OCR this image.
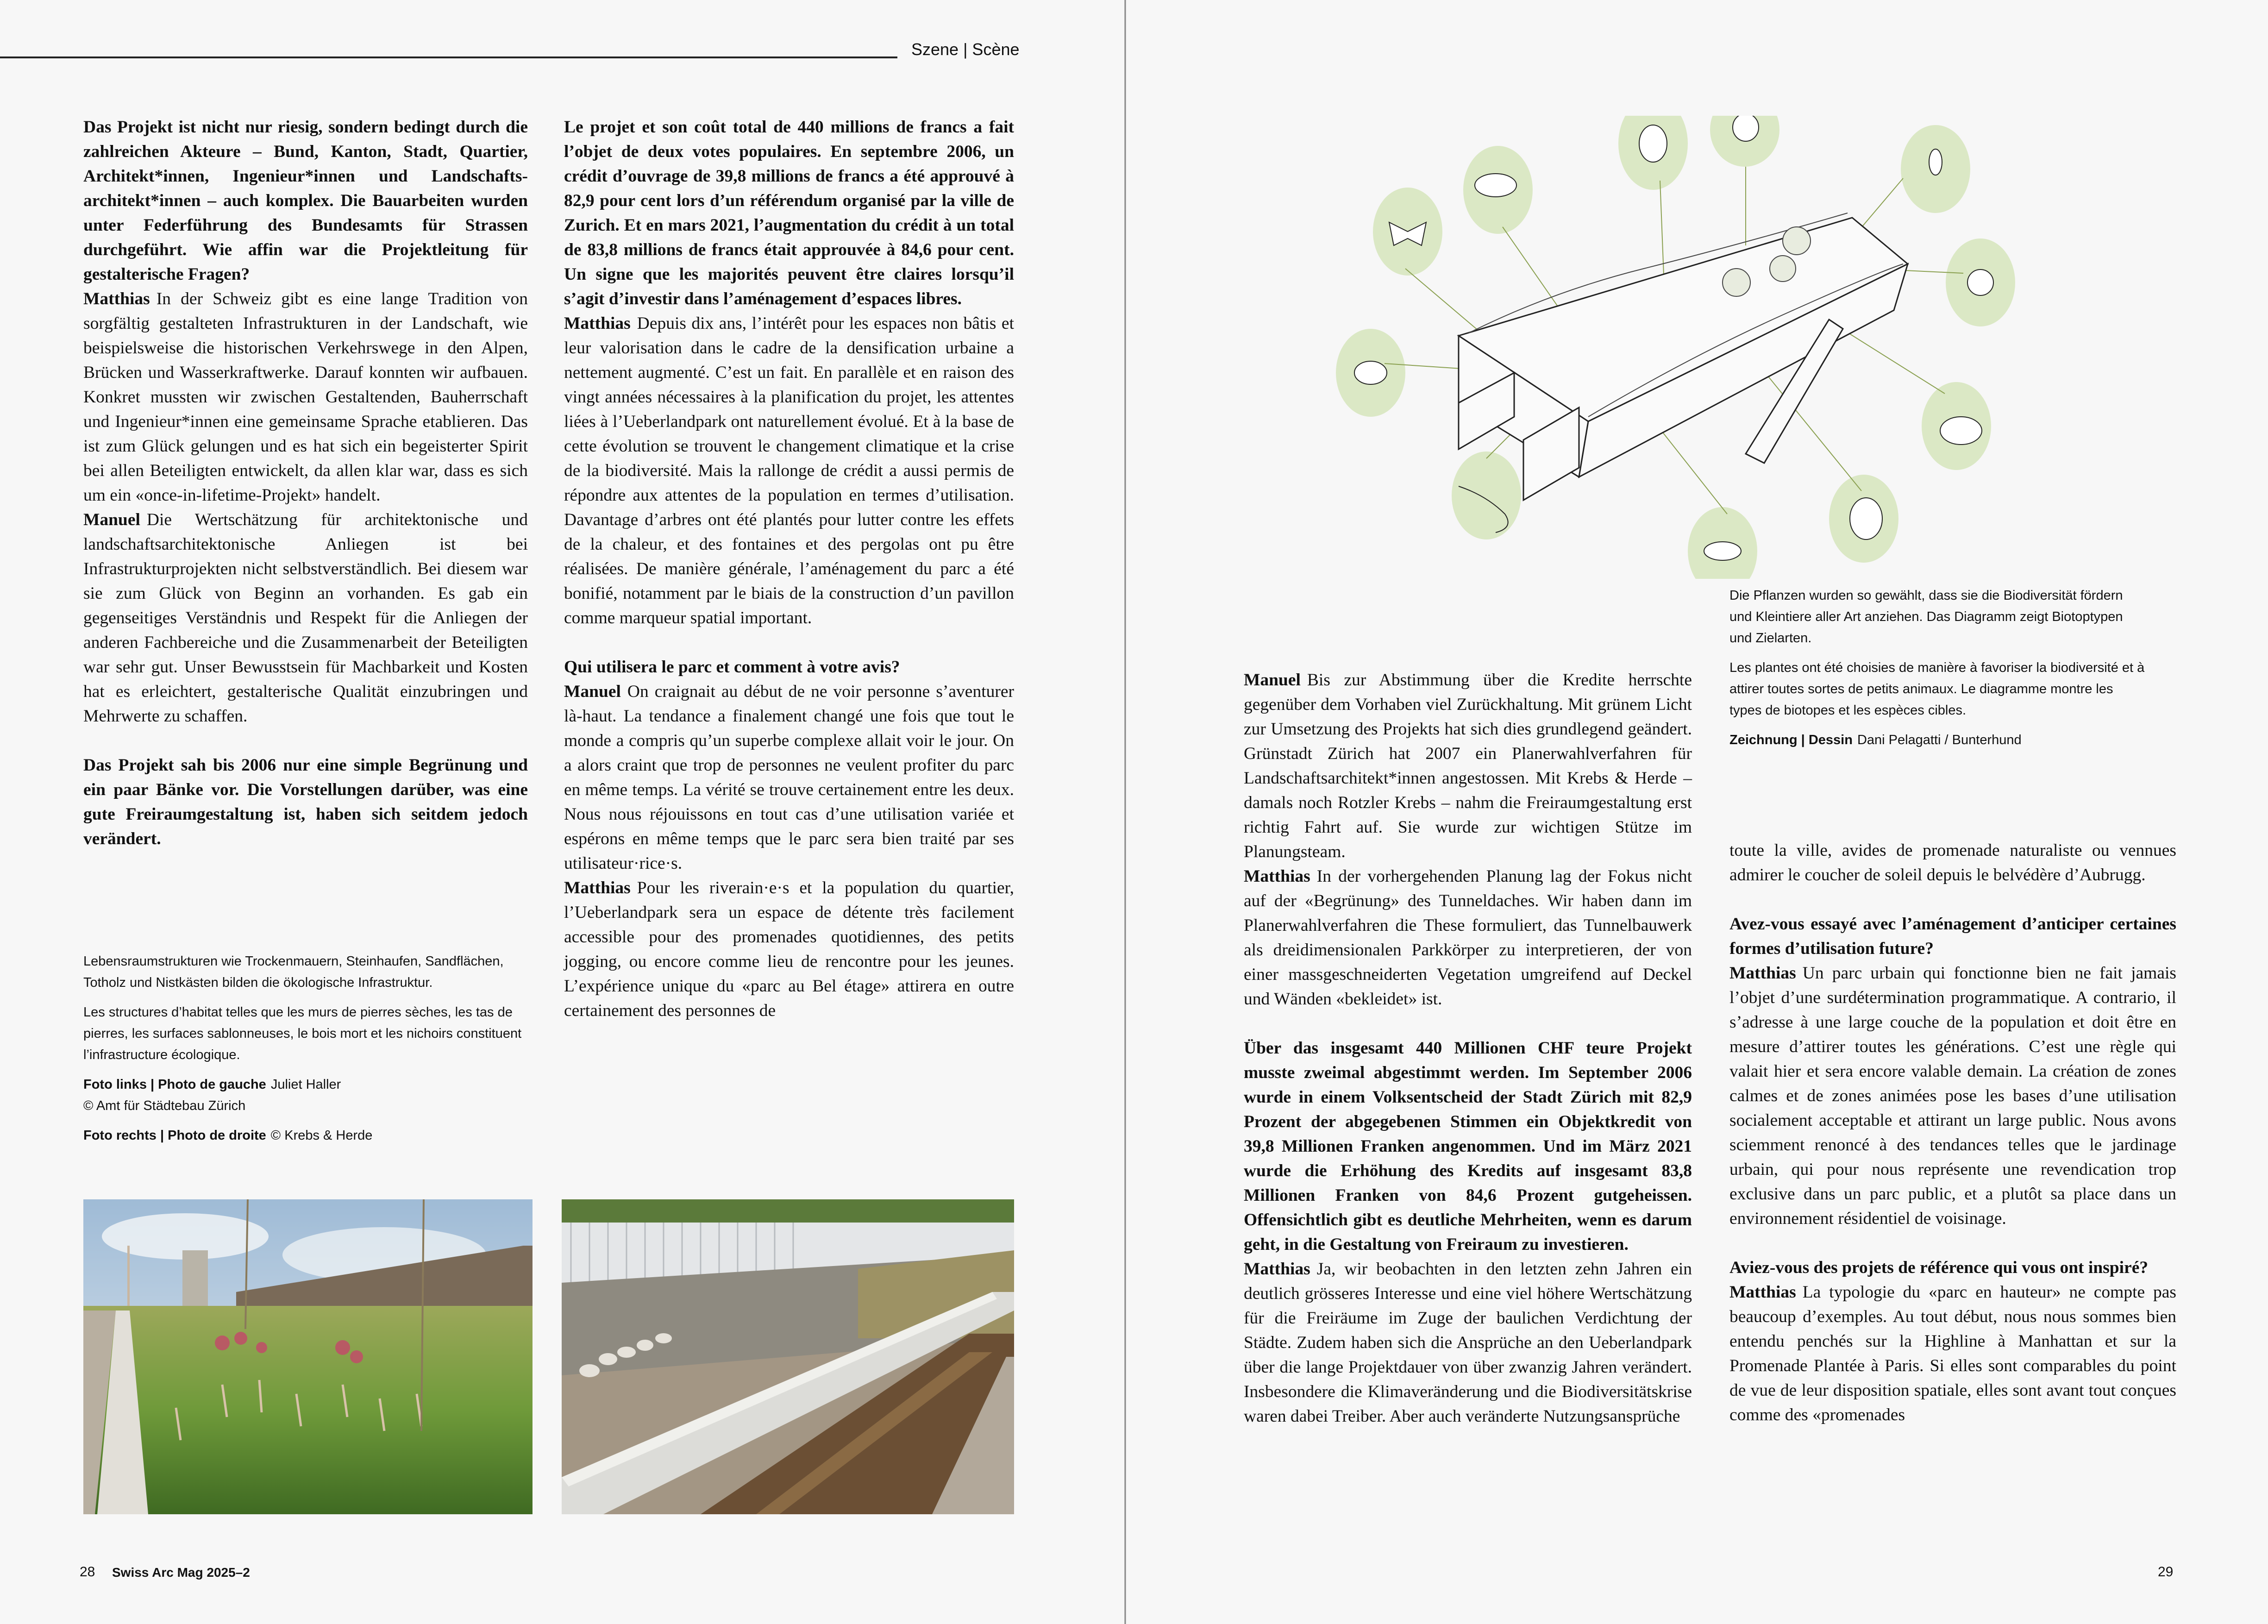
Szene | Scène

Das Projekt ist nicht nur riesig, sondern bedingt durch die zahlreichen Akteure – Bund, Kanton, Stadt, Quartier, Architekt*innen, Ingenieur*innen und Landschaftsarchitekt*innen – auch komplex. Die Bauarbeiten wurden unter Federführung des Bundesamts für Strassen durchgeführt. Wie affin war die Projektleitung für gestalterische Fragen?

Matthias In der Schweiz gibt es eine lange Tradition von sorgfältig gestalteten Infrastrukturen in der Landschaft, wie beispielsweise die historischen Verkehrswege in den Alpen, Brücken und Wasserkraftwerke. Darauf konnten wir aufbauen. Konkret mussten wir zwischen Gestaltenden, Bauherrschaft und Ingenieur*innen eine gemeinsame Sprache etablieren. Das ist zum Glück gelungen und es hat sich ein begeisterter Spirit bei allen Beteiligten entwickelt, da allen klar war, dass es sich um ein «once-in-lifetime-Projekt» handelt.

Manuel Die Wertschätzung für architektonische und landschaftsarchitektonische Anliegen ist bei Infrastrukturprojekten nicht selbstverständlich. Bei diesem war sie zum Glück von Beginn an vorhanden. Es gab ein gegenseitiges Verständnis und Respekt für die Anliegen der anderen Fachbereiche und die Zusammenarbeit der Beteiligten war sehr gut. Unser Bewusstsein für Machbarkeit und Kosten hat es erleichtert, gestalterische Qualität einzubringen und Mehrwerte zu schaffen.

Das Projekt sah bis 2006 nur eine simple Begrünung und ein paar Bänke vor. Die Vorstellungen darüber, was eine gute Freiraumgestaltung ist, haben sich seitdem jedoch verändert.

Le projet et son coût total de 440 millions de francs a fait l’objet de deux votes populaires. En septembre 2006, un crédit d’ouvrage de 39,8 millions de francs a été approuvé à 82,9 pour cent lors d’un référendum organisé par la ville de Zurich. Et en mars 2021, l’augmentation du crédit à un total de 83,8 millions de francs était approuvée à 84,6 pour cent. Un signe que les majorités peuvent être claires lorsqu’il s’agit d’investir dans l’aménagement d’espaces libres.

Matthias Depuis dix ans, l’intérêt pour les espaces non bâtis et leur valorisation dans le cadre de la densification urbaine a nettement augmenté. C’est un fait. En parallèle et en raison des vingt années nécessaires à la planification du projet, les attentes liées à l’Ueberlandpark ont naturellement évolué. Et à la base de cette évolution se trouvent le changement climatique et la crise de la biodiversité. Mais la rallonge de crédit a aussi permis de répondre aux attentes de la population en termes d’utilisation. Davantage d’arbres ont été plantés pour lutter contre les effets de la chaleur, et des fontaines et des pergolas ont pu être réalisées. De manière générale, l’aménagement du parc a été bonifié, notamment par le biais de la construction d’un pavillon comme marqueur spatial important.

Qui utilisera le parc et comment à votre avis?

Manuel On craignait au début de ne voir personne s’aventurer là-haut. La tendance a finalement changé une fois que tout le monde a compris qu’un superbe complexe allait voir le jour. On a alors craint que trop de personnes ne veulent profiter du parc en même temps. La vérité se trouve certainement entre les deux. Nous nous réjouissons en tout cas d’une utilisation variée et espérons en même temps que le parc sera bien traité par ses utilisateur·rice·s.

Matthias Pour les riverain·e·s et la population du quartier, l’Ueberlandpark sera un espace de détente très facilement accessible pour des promenades quotidiennes, des petits jogging, ou encore comme lieu de rencontre pour les jeunes. L’expérience unique du «parc au Bel étage» attirera en outre certainement des personnes de

Lebensraumstrukturen wie Trockenmauern, Steinhaufen, Sandflächen, Totholz und Nistkästen bilden die ökologische Infrastruktur.

Les structures d’habitat telles que les murs de pierres sèches, les tas de pierres, les surfaces sablonneuses, le bois mort et les nichoirs constituent l’infrastructure écologique.

Foto links | Photo de gauche Juliet Haller
© Amt für Städtebau Zürich

Foto rechts | Photo de droite © Krebs & Herde

Die Pflanzen wurden so gewählt, dass sie die Biodiversität fördern und Kleintiere aller Art anziehen. Das Diagramm zeigt Biotoptypen und Zielarten.

Les plantes ont été choisies de manière à favoriser la biodiversité et à attirer toutes sortes de petits animaux. Le diagramme montre les types de biotopes et les espèces cibles.

Zeichnung | Dessin Dani Pelagatti / Bunterhund

Manuel Bis zur Abstimmung über die Kredite herrschte gegenüber dem Vorhaben viel Zurückhaltung. Mit grünem Licht zur Umsetzung des Projekts hat sich dies grundlegend geändert. Grünstadt Zürich hat 2007 ein Planerwahlverfahren für Landschaftsarchitekt*innen angestossen. Mit Krebs & Herde – damals noch Rotzler Krebs – nahm die Freiraumgestaltung erst richtig Fahrt auf. Sie wurde zur wichtigen Stütze im Planungsteam.

Matthias In der vorhergehenden Planung lag der Fokus nicht auf der «Begrünung» des Tunneldaches. Wir haben dann im Planerwahlverfahren die These formuliert, das Tunnelbauwerk als dreidimensionalen Parkkörper zu interpretieren, der von einer massgeschneiderten Vegetation umgreifend auf Deckel und Wänden «bekleidet» ist.

Über das insgesamt 440 Millionen CHF teure Projekt musste zweimal abgestimmt werden. Im September 2006 wurde in einem Volksentscheid der Stadt Zürich mit 82,9 Prozent der abgegebenen Stimmen ein Objektkredit von 39,8 Millionen Franken angenommen. Und im März 2021 wurde die Erhöhung des Kredits auf insgesamt 83,8 Millionen Franken von 84,6 Prozent gutgeheissen. Offensichtlich gibt es deutliche Mehrheiten, wenn es darum geht, in die Gestaltung von Freiraum zu investieren.

Matthias Ja, wir beobachten in den letzten zehn Jahren ein deutlich grösseres Interesse und eine viel höhere Wertschätzung für die Freiräume im Zuge der baulichen Verdichtung der Städte. Zudem haben sich die Ansprüche an den Ueberlandpark über die lange Projektdauer von über zwanzig Jahren verändert. Insbesondere die Klimaveränderung und die Biodiversitätskrise waren dabei Treiber. Aber auch veränderte Nutzungsansprüche

toute la ville, avides de promenade naturaliste ou vennues admirer le coucher de soleil depuis le belvédère d’Aubrugg.

Avez-vous essayé avec l’aménagement d’anticiper certaines formes d’utilisation future?

Matthias Un parc urbain qui fonctionne bien ne fait jamais l’objet d’une surdétermination programmatique. A contrario, il s’adresse à une large couche de la population et doit être en mesure d’attirer toutes les générations. C’est une règle qui valait hier et sera encore valable demain. La création de zones calmes et de zones animées pose les bases d’une utilisation socialement acceptable et attirant un large public. Nous avons sciemment renoncé à des tendances telles que le jardinage urbain, qui pour nous représente une revendication trop exclusive dans un parc public, et a plutôt sa place dans un environnement résidentiel de voisinage.

Aviez-vous des projets de référence qui vous ont inspiré?

Matthias La typologie du «parc en hauteur» ne compte pas beaucoup d’exemples. Au tout début, nous nous sommes bien entendu penchés sur la Highline à Manhattan et sur la Promenade Plantée à Paris. Si elles sont comparables du point de vue de leur disposition spatiale, elles sont avant tout conçues comme des «promenades

28 Swiss Arc Mag 2025–2	29
